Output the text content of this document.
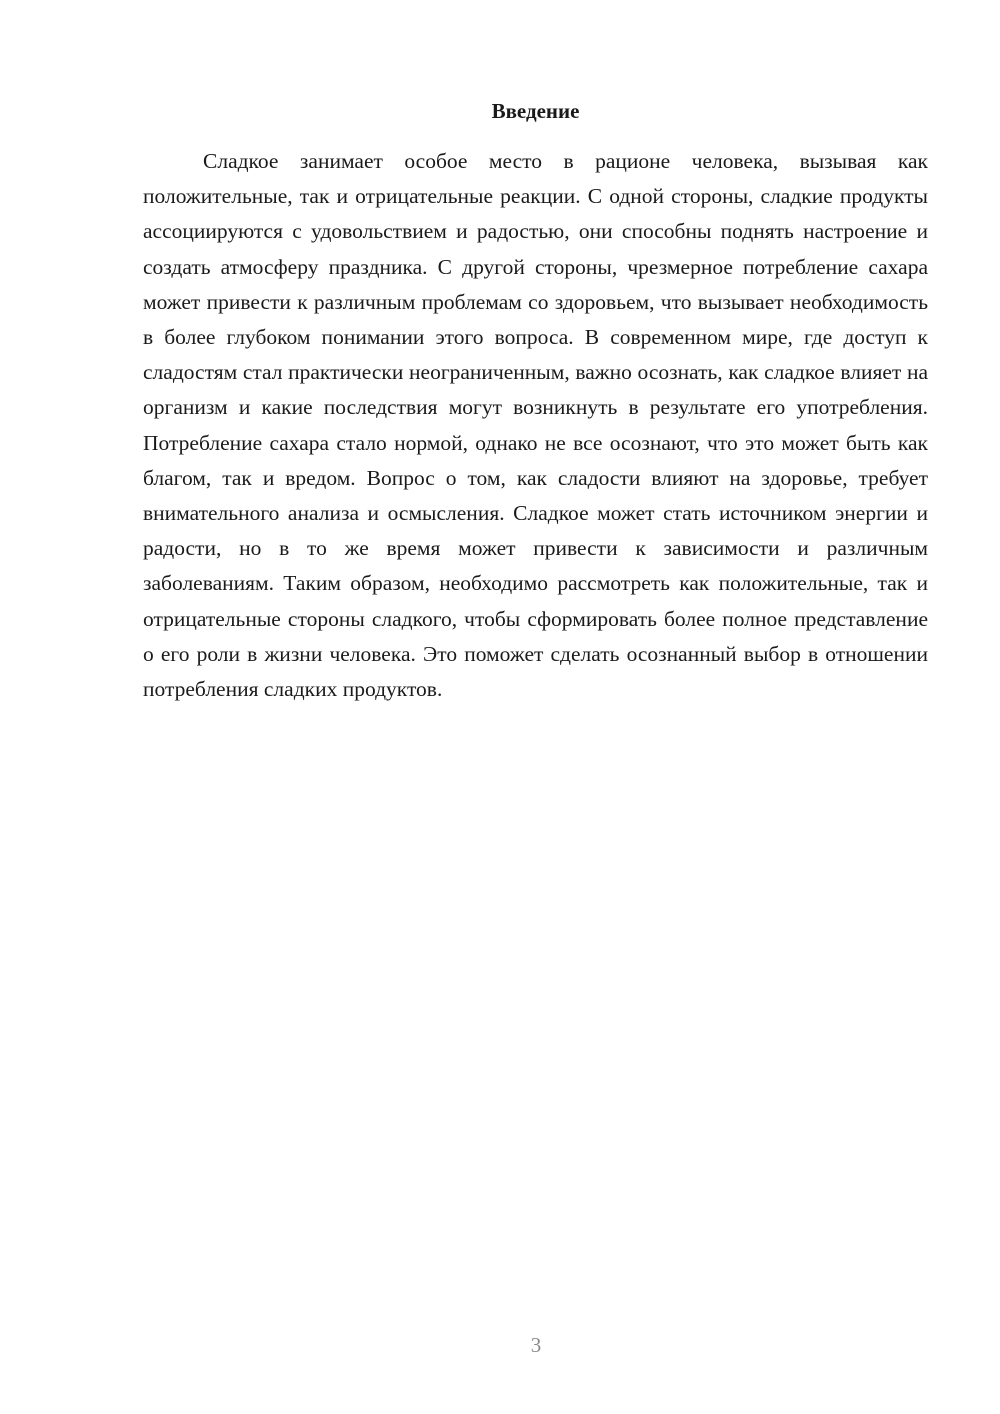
Введение

Сладкое занимает особое место в рационе человека, вызывая как положительные, так и отрицательные реакции. С одной стороны, сладкие продукты ассоциируются с удовольствием и радостью, они способны поднять настроение и создать атмосферу праздника. С другой стороны, чрезмерное потребление сахара может привести к различным проблемам со здоровьем, что вызывает необходимость в более глубоком понимании этого вопроса. В современном мире, где доступ к сладостям стал практически неограниченным, важно осознать, как сладкое влияет на организм и какие последствия могут возникнуть в результате его употребления. Потребление сахара стало нормой, однако не все осознают, что это может быть как благом, так и вредом. Вопрос о том, как сладости влияют на здоровье, требует внимательного анализа и осмысления. Сладкое может стать источником энергии и радости, но в то же время может привести к зависимости и различным заболеваниям. Таким образом, необходимо рассмотреть как положительные, так и отрицательные стороны сладкого, чтобы сформировать более полное представление о его роли в жизни человека. Это поможет сделать осознанный выбор в отношении потребления сладких продуктов.

3
